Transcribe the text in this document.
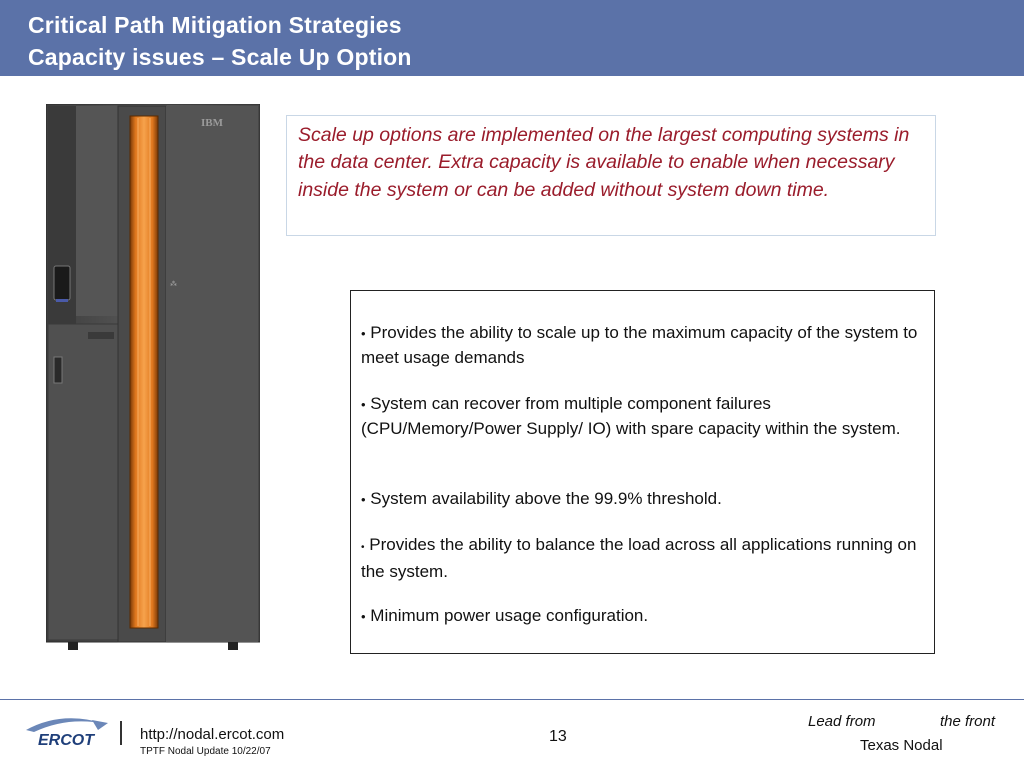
Critical Path Mitigation Strategies
Capacity issues – Scale Up Option
IBM
⁂
Scale up options are implemented on the largest computing systems in the data center. Extra capacity is available to enable when necessary inside the system or can be added without system down time.
• Provides the ability to scale up to the maximum capacity of the system to meet usage demands
• System can recover from multiple component failures (CPU/Memory/Power Supply/ IO) with spare capacity within the system.
• System availability above the 99.9% threshold.
• Provides the ability to balance the load across all applications running on the system.
• Minimum power usage configuration.
ERCOT	http://nodal.ercot.com
TPTF Nodal Update 10/22/07
13
Lead from	the front
Texas Nodal
